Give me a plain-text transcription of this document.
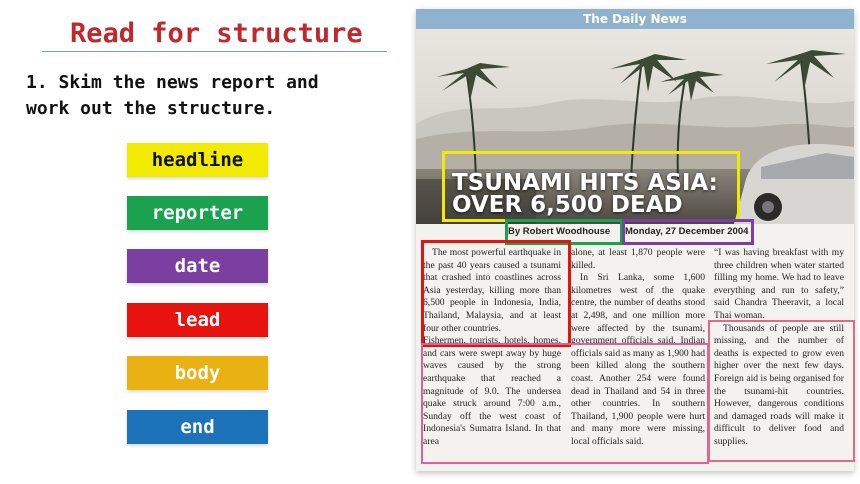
Read for structure
1. Skim the news report and work out the structure.
headline
reporter
date
lead
body
end
The Daily News
TSUNAMI HITS ASIA:
OVER 6,500 DEAD
By Robert Woodhouse Monday, 27 December 2004

The most powerful earthquake in the past 40 years caused a tsunami that crashed into coastlines across Asia yesterday, killing more than 6,500 people in Indonesia, India, Thailand, Malaysia, and at least four other countries.

Fishermen, tourists, hotels, homes, and cars were swept away by huge waves caused by the strong earthquake that reached a magnitude of 9.0. The undersea quake struck around 7:00 a.m., Sunday off the west coast of Indonesia's Sumatra Island. In that area

alone, at least 1,870 people were killed.

In Sri Lanka, some 1,600 kilometres west of the quake centre, the number of deaths stood at 2,498, and one million more were affected by the tsunami, government officials said. Indian officials said as many as 1,900 had been killed along the southern coast. Another 254 were found dead in Thailand and 54 in three other countries. In southern Thailand, 1,900 people were hurt and many more were missing, local officials said.

“I was having breakfast with my three children when water started filling my home. We had to leave everything and run to safety,” said Chandra Theeravit, a local Thai woman.

Thousands of people are still missing, and the number of deaths is expected to grow even higher over the next few days. Foreign aid is being organised for the tsunami-hit countries. However, dangerous conditions and damaged roads will make it difficult to deliver food and supplies.
